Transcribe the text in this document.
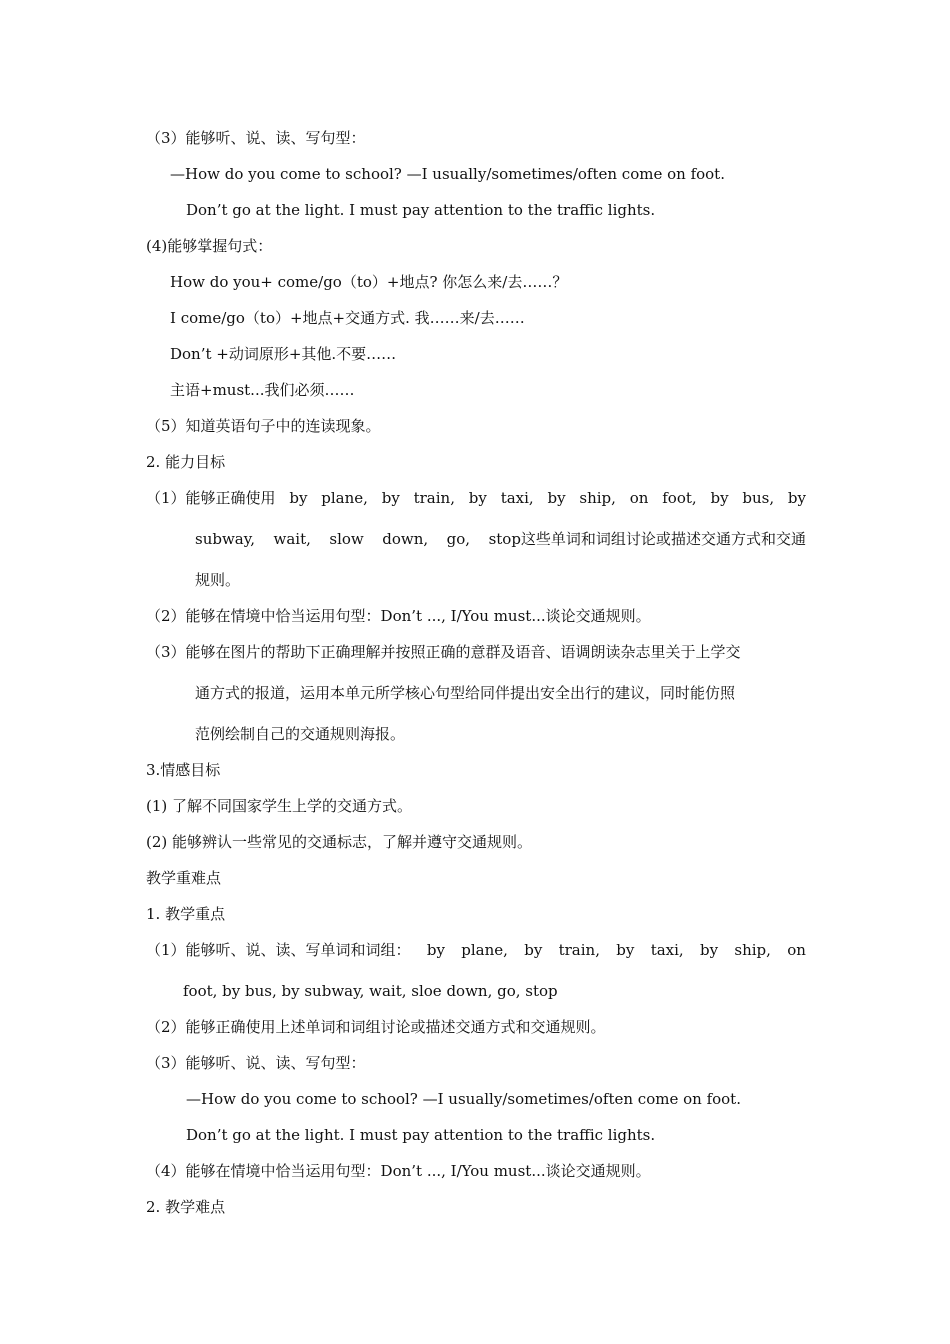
（3）能够听、说、读、写句型：

—How do you come to school? —I usually/sometimes/often come on foot.

Don’t go at the light. I must pay attention to the traffic lights.

(4)能够掌握句式：

How do you+ come/go（to）+地点? 你怎么来/去……？

I come/go（to）+地点+交通方式. 我……来/去……

Don’t +动词原形+其他.不要……

主语+must...我们必须……

（5）知道英语句子中的连读现象。

2. 能力目标

（1）能够正确使用 by plane, by train, by taxi, by ship, on foot, by bus, by
subway, wait, slow down, go, stop这些单词和词组讨论或描述交通方式和交通

规则。

（2）能够在情境中恰当运用句型：Don’t ..., I/You must...谈论交通规则。

（3）能够在图片的帮助下正确理解并按照正确的意群及语音、语调朗读杂志里关于上学交

通方式的报道，运用本单元所学核心句型给同伴提出安全出行的建议，同时能仿照

范例绘制自己的交通规则海报。

3.情感目标

(1) 了解不同国家学生上学的交通方式。

(2) 能够辨认一些常见的交通标志，了解并遵守交通规则。

教学重难点

1. 教学重点

（1）能够听、说、读、写单词和词组： by plane, by train, by taxi, by ship, on

foot, by bus, by subway, wait, sloe down, go, stop

（2）能够正确使用上述单词和词组讨论或描述交通方式和交通规则。

（3）能够听、说、读、写句型：

—How do you come to school? —I usually/sometimes/often come on foot.

Don’t go at the light. I must pay attention to the traffic lights.

（4）能够在情境中恰当运用句型：Don’t ..., I/You must...谈论交通规则。

2. 教学难点
